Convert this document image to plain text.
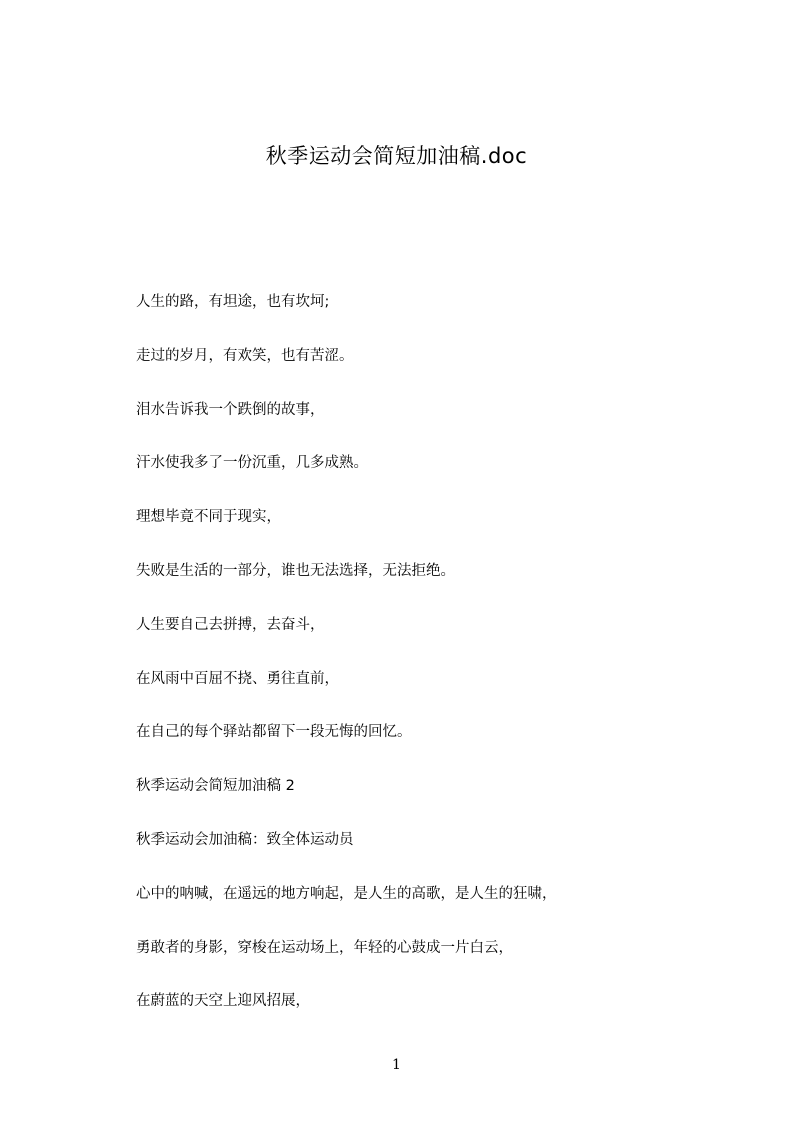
秋季运动会简短加油稿.doc
人生的路，有坦途，也有坎坷;
走过的岁月，有欢笑，也有苦涩。
泪水告诉我一个跌倒的故事，
汗水使我多了一份沉重，几多成熟。
理想毕竟不同于现实，
失败是生活的一部分，谁也无法选择，无法拒绝。
人生要自己去拼搏，去奋斗，
在风雨中百屈不挠、勇往直前，
在自己的每个驿站都留下一段无悔的回忆。
秋季运动会简短加油稿 2
秋季运动会加油稿：致全体运动员
心中的呐喊，在遥远的地方响起，是人生的高歌，是人生的狂啸，
勇敢者的身影，穿梭在运动场上，年轻的心鼓成一片白云，
在蔚蓝的天空上迎风招展，
1
